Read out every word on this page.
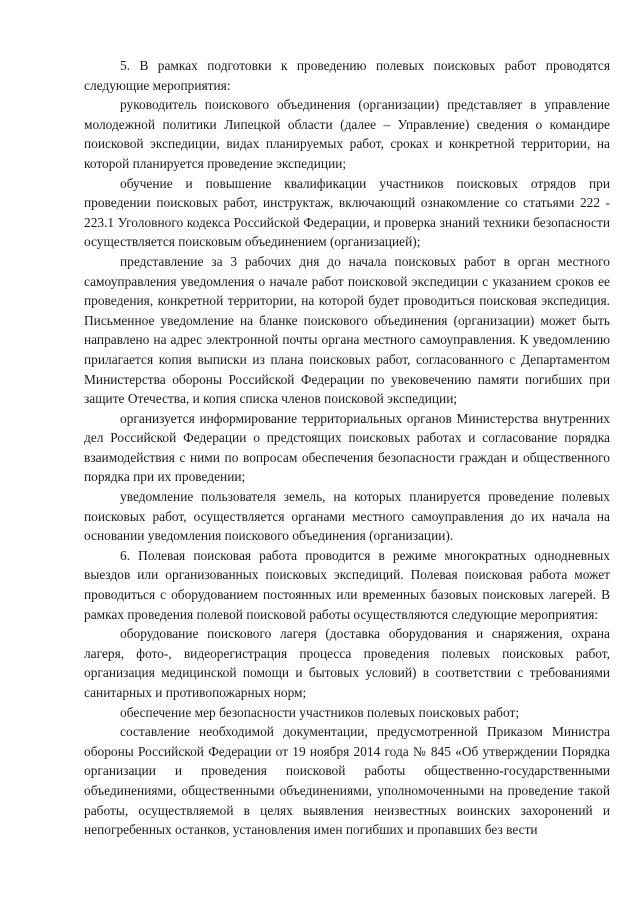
5. В рамках подготовки к проведению полевых поисковых работ проводятся следующие мероприятия:

руководитель поискового объединения (организации) представляет в управление молодежной политики Липецкой области (далее – Управление) сведения о командире поисковой экспедиции, видах планируемых работ, сроках и конкретной территории, на которой планируется проведение экспедиции;

обучение и повышение квалификации участников поисковых отрядов при проведении поисковых работ, инструктаж, включающий ознакомление со статьями 222 - 223.1 Уголовного кодекса Российской Федерации, и проверка знаний техники безопасности осуществляется поисковым объединением (организацией);

представление за 3 рабочих дня до начала поисковых работ в орган местного самоуправления уведомления о начале работ поисковой экспедиции с указанием сроков ее проведения, конкретной территории, на которой будет проводиться поисковая экспедиция. Письменное уведомление на бланке поискового объединения (организации) может быть направлено на адрес электронной почты органа местного самоуправления. К уведомлению прилагается копия выписки из плана поисковых работ, согласованного с Департаментом Министерства обороны Российской Федерации по увековечению памяти погибших при защите Отечества, и копия списка членов поисковой экспедиции;

организуется информирование территориальных органов Министерства внутренних дел Российской Федерации о предстоящих поисковых работах и согласование порядка взаимодействия с ними по вопросам обеспечения безопасности граждан и общественного порядка при их проведении;

уведомление пользователя земель, на которых планируется проведение полевых поисковых работ, осуществляется органами местного самоуправления до их начала на основании уведомления поискового объединения (организации).

6. Полевая поисковая работа проводится в режиме многократных однодневных выездов или организованных поисковых экспедиций. Полевая поисковая работа может проводиться с оборудованием постоянных или временных базовых поисковых лагерей. В рамках проведения полевой поисковой работы осуществляются следующие мероприятия:

оборудование поискового лагеря (доставка оборудования и снаряжения, охрана лагеря, фото-, видеорегистрация процесса проведения полевых поисковых работ, организация медицинской помощи и бытовых условий) в соответствии с требованиями санитарных и противопожарных норм;

обеспечение мер безопасности участников полевых поисковых работ;

составление необходимой документации, предусмотренной Приказом Министра обороны Российской Федерации от 19 ноября 2014 года № 845 «Об утверждении Порядка организации и проведения поисковой работы общественно-государственными объединениями, общественными объединениями, уполномоченными на проведение такой работы, осуществляемой в целях выявления неизвестных воинских захоронений и непогребенных останков, установления имен погибших и пропавших без вести
